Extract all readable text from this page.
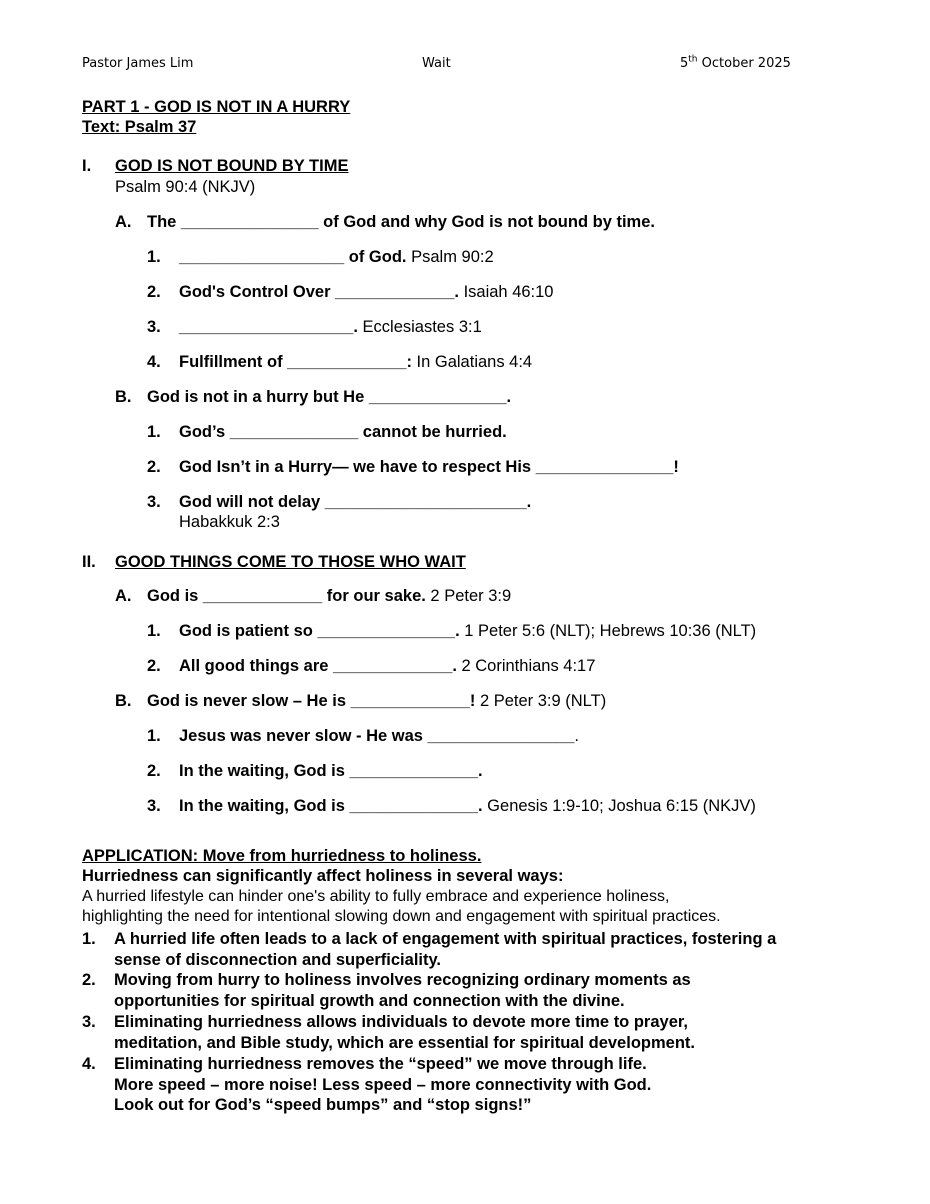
Pastor James Lim	Wait	5th October 2025
PART 1 - GOD IS NOT IN A HURRY
Text: Psalm 37
I. GOD IS NOT BOUND BY TIME
Psalm 90:4 (NKJV)
A. The _______________ of God and why God is not bound by time.
1. __________________ of God. Psalm 90:2
2. God's Control Over _____________. Isaiah 46:10
3. ___________________. Ecclesiastes 3:1
4. Fulfillment of _____________: In Galatians 4:4
B. God is not in a hurry but He _______________.
1. God’s ______________ cannot be hurried.
2. God Isn’t in a Hurry— we have to respect His _______________!
3. God will not delay ______________________.
Habakkuk 2:3
II. GOOD THINGS COME TO THOSE WHO WAIT
A. God is _____________ for our sake. 2 Peter 3:9
1. God is patient so _______________. 1 Peter 5:6 (NLT); Hebrews 10:36 (NLT)
2. All good things are _____________. 2 Corinthians 4:17
B. God is never slow – He is _____________! 2 Peter 3:9 (NLT)
1. Jesus was never slow - He was ________________.
2. In the waiting, God is ______________.
3. In the waiting, God is ______________. Genesis 1:9-10; Joshua 6:15 (NKJV)
APPLICATION: Move from hurriedness to holiness.
Hurriedness can significantly affect holiness in several ways:
A hurried lifestyle can hinder one's ability to fully embrace and experience holiness,
highlighting the need for intentional slowing down and engagement with spiritual practices.
1. A hurried life often leads to a lack of engagement with spiritual practices, fostering a
sense of disconnection and superficiality.
2. Moving from hurry to holiness involves recognizing ordinary moments as
opportunities for spiritual growth and connection with the divine.
3. Eliminating hurriedness allows individuals to devote more time to prayer,
meditation, and Bible study, which are essential for spiritual development.
4. Eliminating hurriedness removes the “speed” we move through life.
More speed – more noise! Less speed – more connectivity with God.
Look out for God’s “speed bumps” and “stop signs!”
